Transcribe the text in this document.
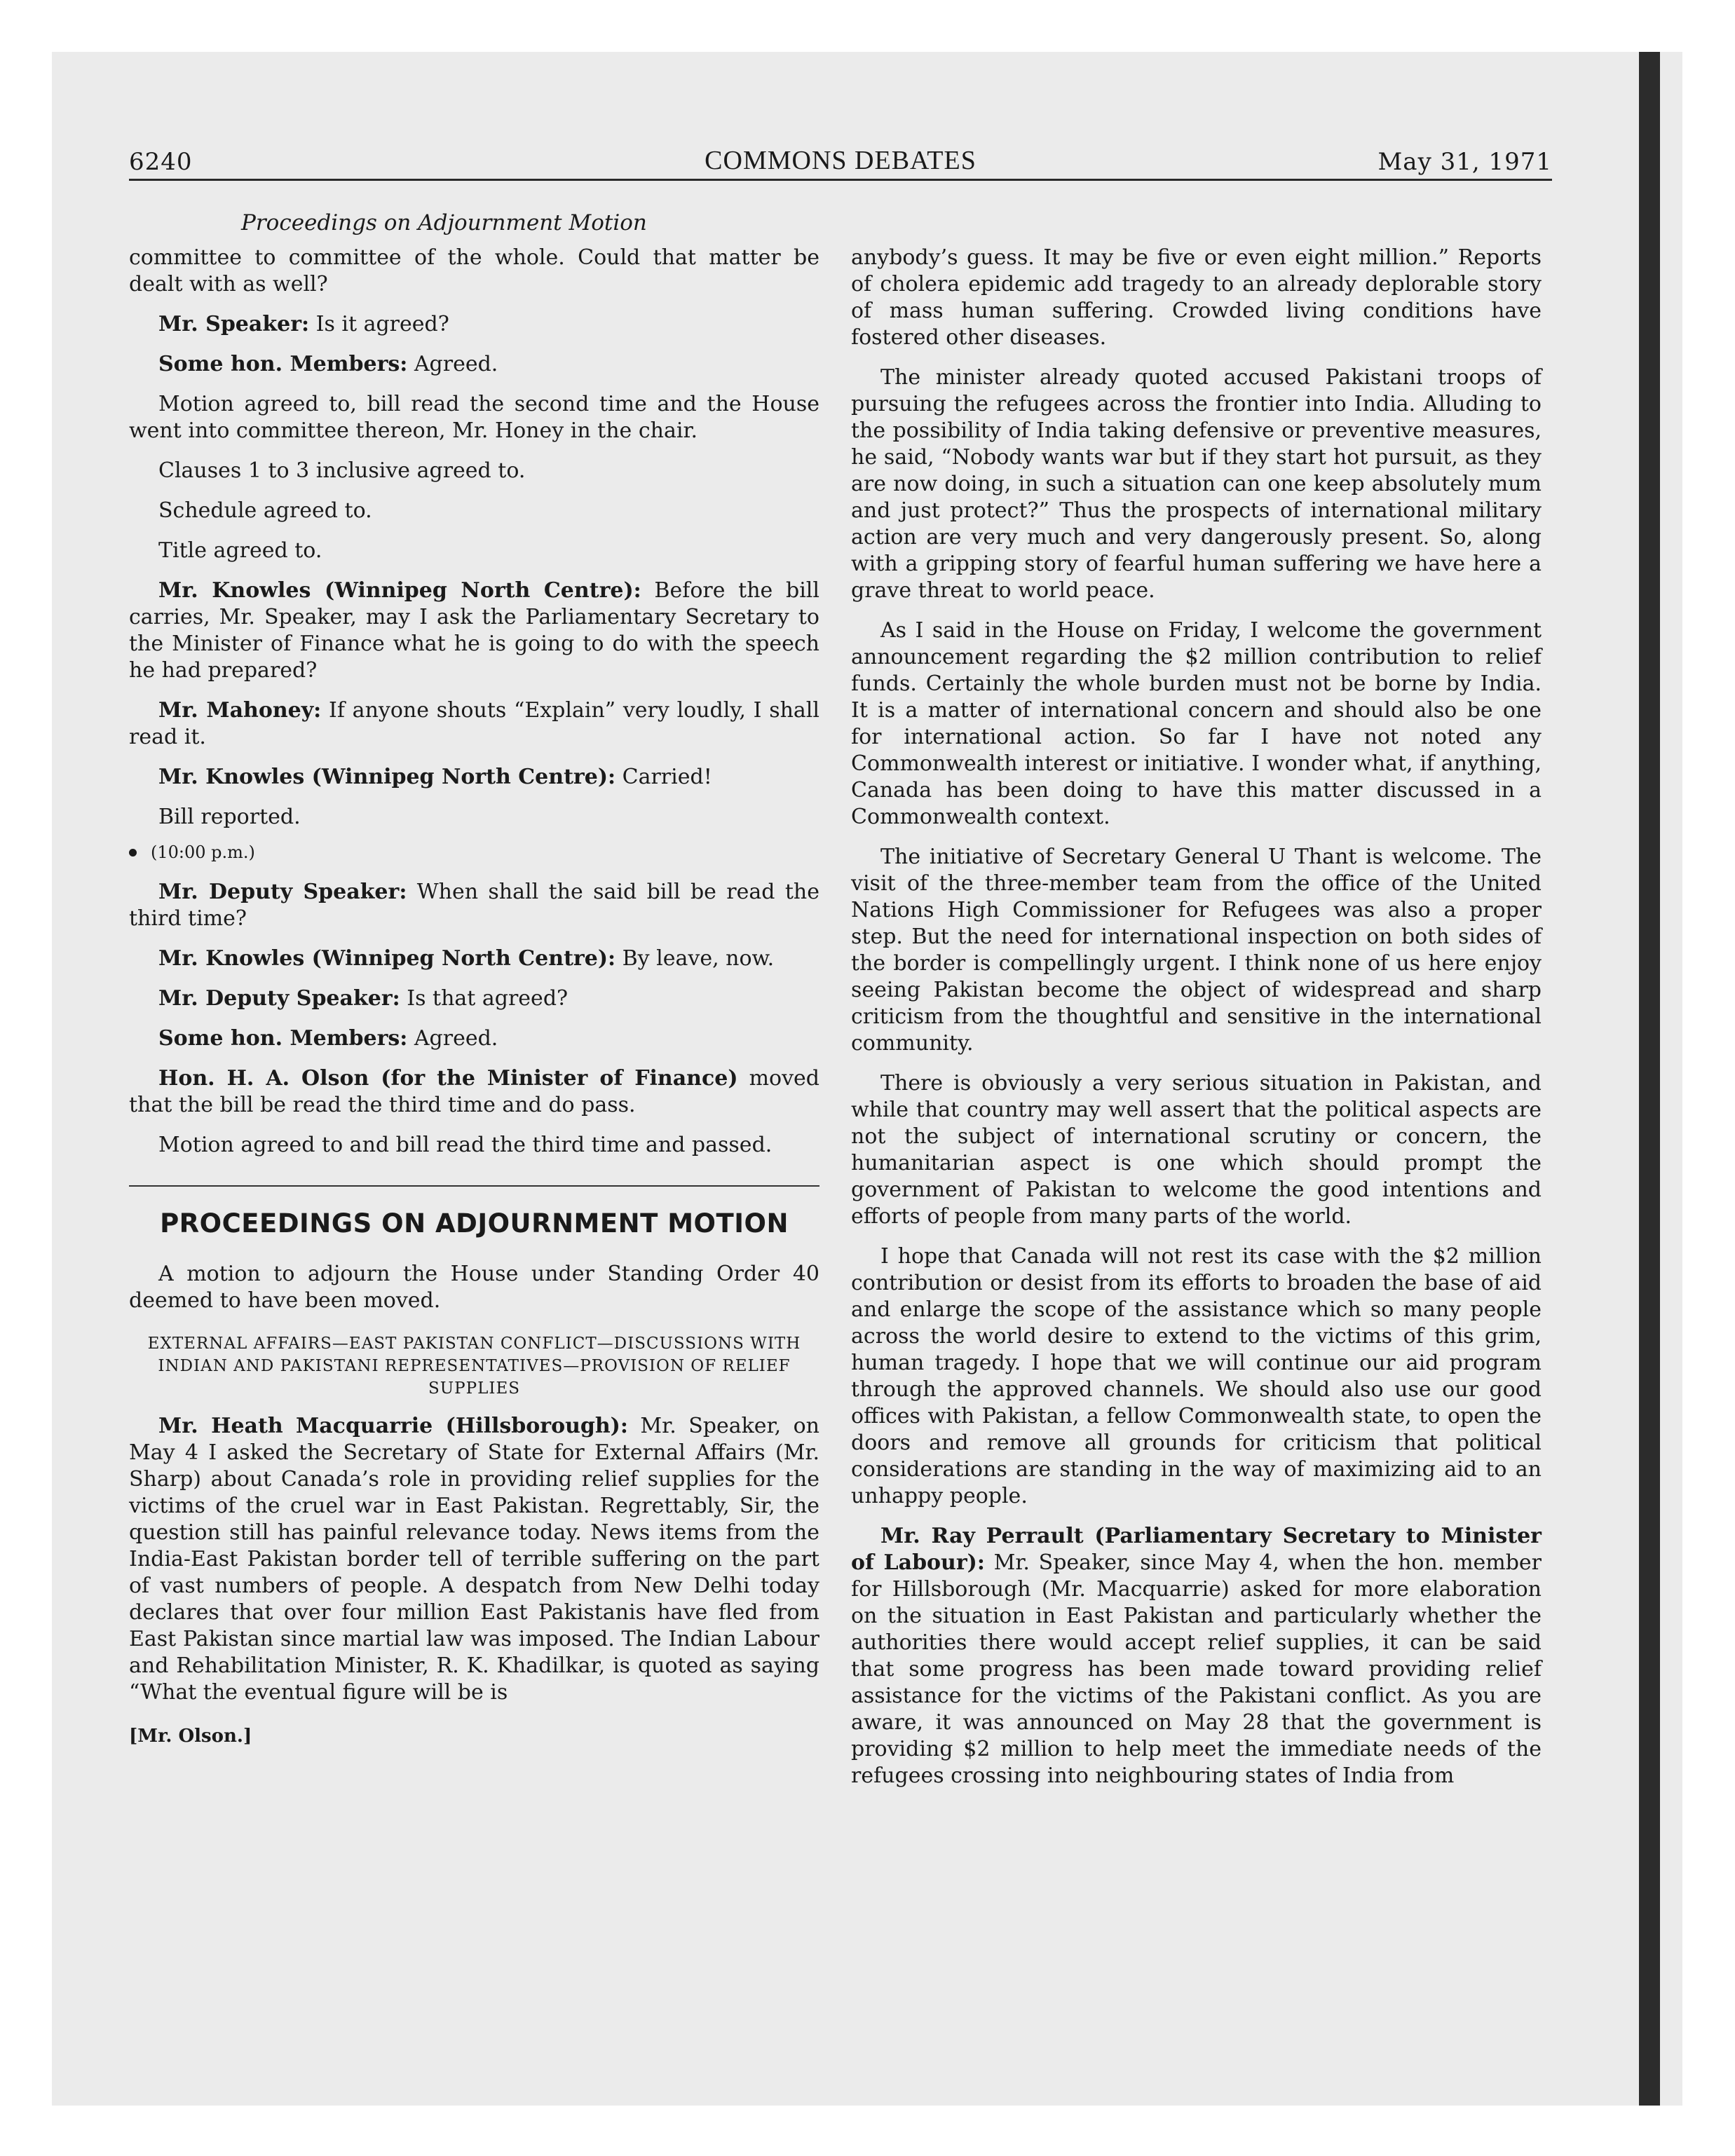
6240	COMMONS DEBATES	May 31, 1971
Proceedings on Adjournment Motion

committee to committee of the whole. Could that matter be dealt with as well?

Mr. Speaker: Is it agreed?

Some hon. Members: Agreed.

Motion agreed to, bill read the second time and the House went into committee thereon, Mr. Honey in the chair.

Clauses 1 to 3 inclusive agreed to.

Schedule agreed to.

Title agreed to.

Mr. Knowles (Winnipeg North Centre): Before the bill carries, Mr. Speaker, may I ask the Parliamentary Secretary to the Minister of Finance what he is going to do with the speech he had prepared?

Mr. Mahoney: If anyone shouts “Explain” very loudly, I shall read it.

Mr. Knowles (Winnipeg North Centre): Carried!

Bill reported.

(10:00 p.m.)

Mr. Deputy Speaker: When shall the said bill be read the third time?

Mr. Knowles (Winnipeg North Centre): By leave, now.

Mr. Deputy Speaker: Is that agreed?

Some hon. Members: Agreed.

Hon. H. A. Olson (for the Minister of Finance) moved that the bill be read the third time and do pass.

Motion agreed to and bill read the third time and passed.

PROCEEDINGS ON ADJOURNMENT MOTION

A motion to adjourn the House under Standing Order 40 deemed to have been moved.

EXTERNAL AFFAIRS—EAST PAKISTAN CONFLICT—DISCUSSIONS WITH INDIAN AND PAKISTANI REPRESENTATIVES—PROVISION OF RELIEF SUPPLIES

Mr. Heath Macquarrie (Hillsborough): Mr. Speaker, on May 4 I asked the Secretary of State for External Affairs (Mr. Sharp) about Canada’s role in providing relief supplies for the victims of the cruel war in East Pakistan. Regrettably, Sir, the question still has painful relevance today. News items from the India-East Pakistan border tell of terrible suffering on the part of vast numbers of people. A despatch from New Delhi today declares that over four million East Pakistanis have fled from East Pakistan since martial law was imposed. The Indian Labour and Rehabilitation Minister, R. K. Khadilkar, is quoted as saying “What the eventual figure will be is

[Mr. Olson.]

anybody’s guess. It may be five or even eight million.” Reports of cholera epidemic add tragedy to an already deplorable story of mass human suffering. Crowded living conditions have fostered other diseases.

The minister already quoted accused Pakistani troops of pursuing the refugees across the frontier into India. Alluding to the possibility of India taking defensive or preventive measures, he said, “Nobody wants war but if they start hot pursuit, as they are now doing, in such a situation can one keep absolutely mum and just protect?” Thus the prospects of international military action are very much and very dangerously present. So, along with a gripping story of fearful human suffering we have here a grave threat to world peace.

As I said in the House on Friday, I welcome the government announcement regarding the $2 million contribution to relief funds. Certainly the whole burden must not be borne by India. It is a matter of international concern and should also be one for international action. So far I have not noted any Commonwealth interest or initiative. I wonder what, if anything, Canada has been doing to have this matter discussed in a Commonwealth context.

The initiative of Secretary General U Thant is welcome. The visit of the three-member team from the office of the United Nations High Commissioner for Refugees was also a proper step. But the need for international inspection on both sides of the border is compellingly urgent. I think none of us here enjoy seeing Pakistan become the object of widespread and sharp criticism from the thoughtful and sensitive in the international community.

There is obviously a very serious situation in Pakistan, and while that country may well assert that the political aspects are not the subject of international scrutiny or concern, the humanitarian aspect is one which should prompt the government of Pakistan to welcome the good intentions and efforts of people from many parts of the world.

I hope that Canada will not rest its case with the $2 million contribution or desist from its efforts to broaden the base of aid and enlarge the scope of the assistance which so many people across the world desire to extend to the victims of this grim, human tragedy. I hope that we will continue our aid program through the approved channels. We should also use our good offices with Pakistan, a fellow Commonwealth state, to open the doors and remove all grounds for criticism that political considerations are standing in the way of maximizing aid to an unhappy people.

Mr. Ray Perrault (Parliamentary Secretary to Minister of Labour): Mr. Speaker, since May 4, when the hon. member for Hillsborough (Mr. Macquarrie) asked for more elaboration on the situation in East Pakistan and particularly whether the authorities there would accept relief supplies, it can be said that some progress has been made toward providing relief assistance for the victims of the Pakistani conflict. As you are aware, it was announced on May 28 that the government is providing $2 million to help meet the immediate needs of the refugees crossing into neighbouring states of India from
